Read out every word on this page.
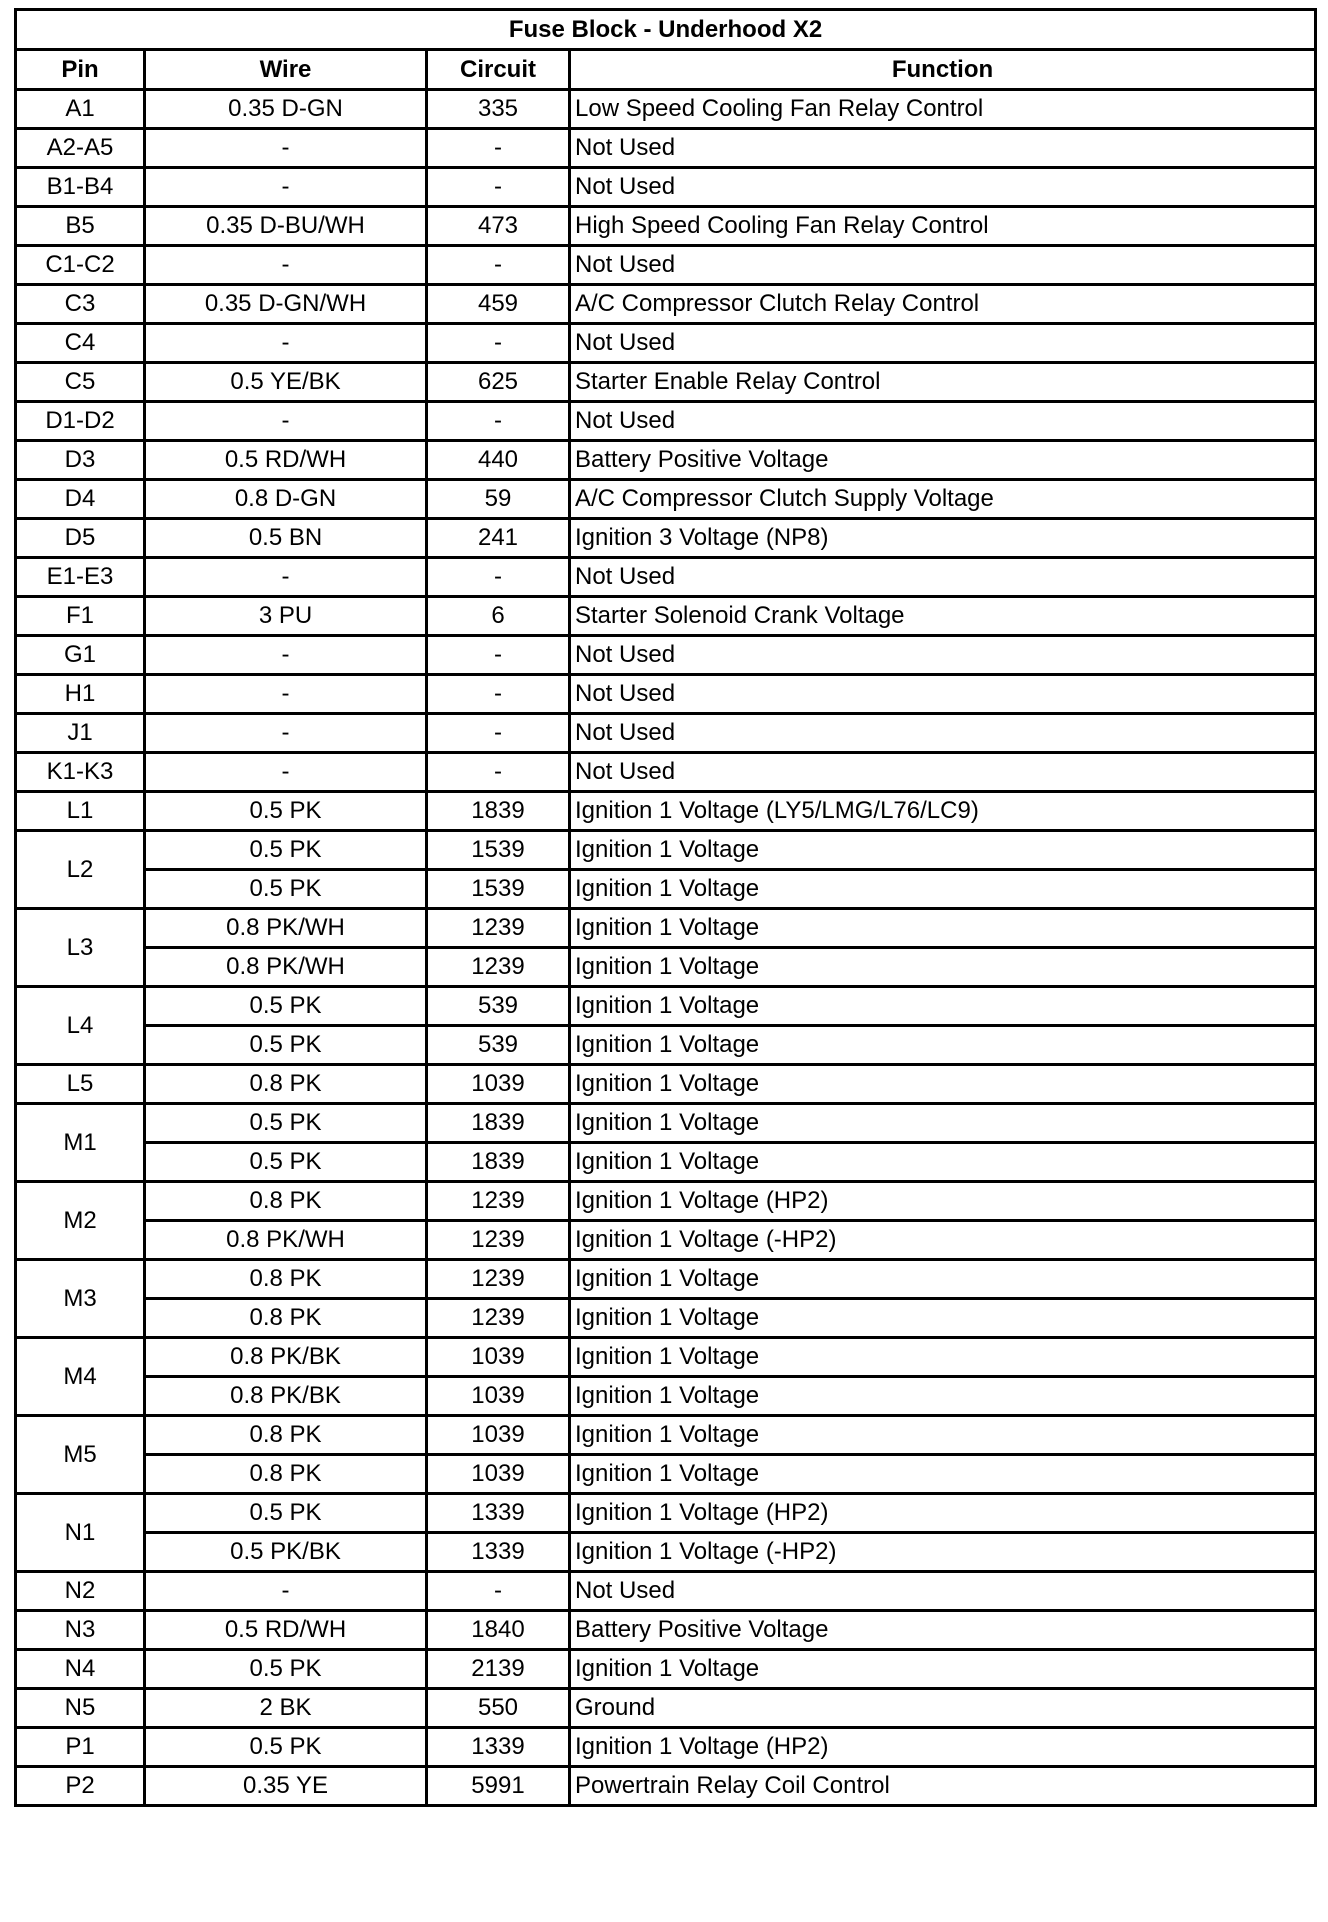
Fuse Block - Underhood X2			
Pin	Wire	Circuit	Function
A1	0.35 D-GN	335	Low Speed Cooling Fan Relay Control
A2-A5	-	-	Not Used
B1-B4	-	-	Not Used
B5	0.35 D-BU/WH	473	High Speed Cooling Fan Relay Control
C1-C2	-	-	Not Used
C3	0.35 D-GN/WH	459	A/C Compressor Clutch Relay Control
C4	-	-	Not Used
C5	0.5 YE/BK	625	Starter Enable Relay Control
D1-D2	-	-	Not Used
D3	0.5 RD/WH	440	Battery Positive Voltage
D4	0.8 D-GN	59	A/C Compressor Clutch Supply Voltage
D5	0.5 BN	241	Ignition 3 Voltage (NP8)
E1-E3	-	-	Not Used
F1	3 PU	6	Starter Solenoid Crank Voltage
G1	-	-	Not Used
H1	-	-	Not Used
J1	-	-	Not Used
K1-K3	-	-	Not Used
L1	0.5 PK	1839	Ignition 1 Voltage (LY5/LMG/L76/LC9)
L2	0.5 PK	1539	Ignition 1 Voltage
	0.5 PK	1539	Ignition 1 Voltage
L3	0.8 PK/WH	1239	Ignition 1 Voltage
	0.8 PK/WH	1239	Ignition 1 Voltage
L4	0.5 PK	539	Ignition 1 Voltage
	0.5 PK	539	Ignition 1 Voltage
L5	0.8 PK	1039	Ignition 1 Voltage
M1	0.5 PK	1839	Ignition 1 Voltage
	0.5 PK	1839	Ignition 1 Voltage
M2	0.8 PK	1239	Ignition 1 Voltage (HP2)
	0.8 PK/WH	1239	Ignition 1 Voltage (-HP2)
M3	0.8 PK	1239	Ignition 1 Voltage
	0.8 PK	1239	Ignition 1 Voltage
M4	0.8 PK/BK	1039	Ignition 1 Voltage
	0.8 PK/BK	1039	Ignition 1 Voltage
M5	0.8 PK	1039	Ignition 1 Voltage
	0.8 PK	1039	Ignition 1 Voltage
N1	0.5 PK	1339	Ignition 1 Voltage (HP2)
	0.5 PK/BK	1339	Ignition 1 Voltage (-HP2)
N2	-	-	Not Used
N3	0.5 RD/WH	1840	Battery Positive Voltage
N4	0.5 PK	2139	Ignition 1 Voltage
N5	2 BK	550	Ground
P1	0.5 PK	1339	Ignition 1 Voltage (HP2)
P2	0.35 YE	5991	Powertrain Relay Coil Control
